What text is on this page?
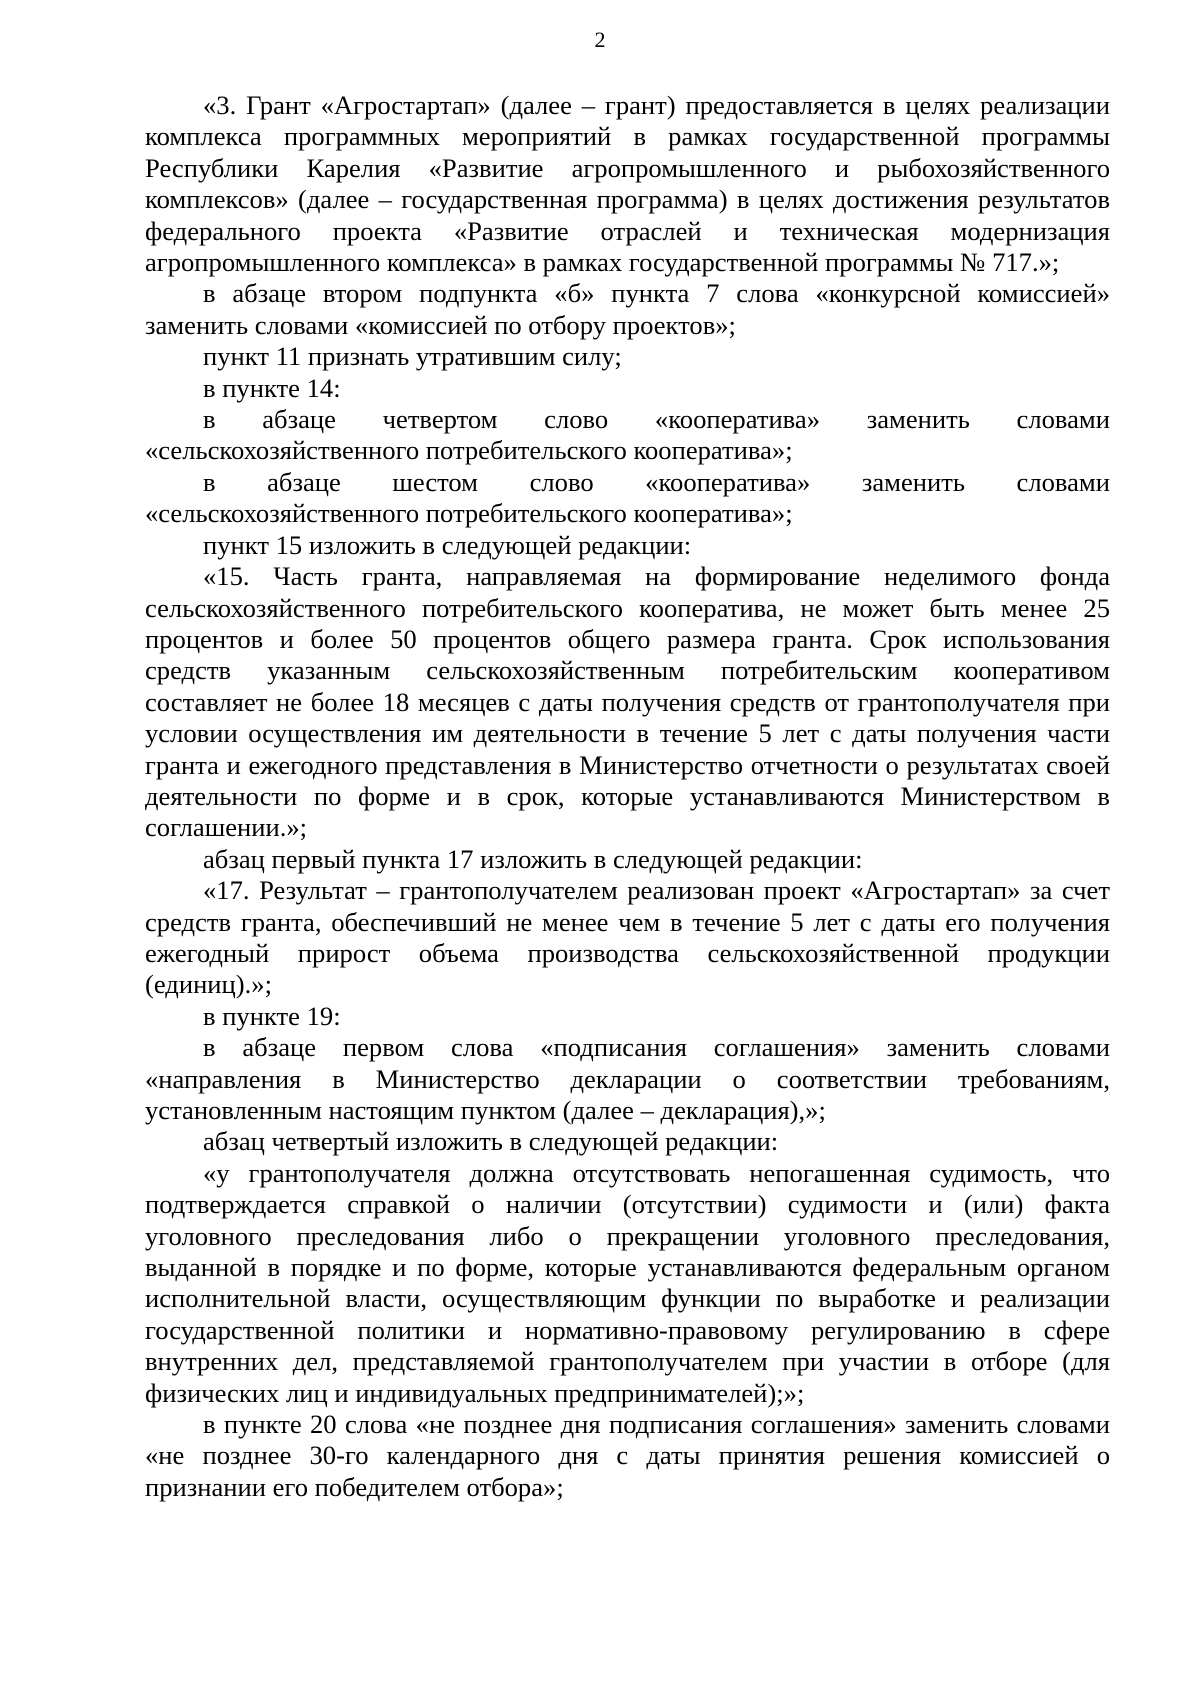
2

«3. Грант «Агростартап» (далее – грант) предоставляется в целях реализации комплекса программных мероприятий в рамках государственной программы Республики Карелия «Развитие агропромышленного и рыбохозяйственного комплексов» (далее – государственная программа) в целях достижения результатов федерального проекта «Развитие отраслей и техническая модернизация агропромышленного комплекса» в рамках государственной программы № 717.»;

в абзаце втором подпункта «б» пункта 7 слова «конкурсной комиссией» заменить словами «комиссией по отбору проектов»;

пункт 11 признать утратившим силу;

в пункте 14:

в абзаце четвертом слово «кооператива» заменить словами «сельскохозяйственного потребительского кооператива»;

в абзаце шестом слово «кооператива» заменить словами «сельскохозяйственного потребительского кооператива»;

пункт 15 изложить в следующей редакции:

«15. Часть гранта, направляемая на формирование неделимого фонда сельскохозяйственного потребительского кооператива, не может быть менее 25 процентов и более 50 процентов общего размера гранта. Срок использования средств указанным сельскохозяйственным потребительским кооперативом составляет не более 18 месяцев с даты получения средств от грантополучателя при условии осуществления им деятельности в течение 5 лет с даты получения части гранта и ежегодного представления в Министерство отчетности о результатах своей деятельности по форме и в срок, которые устанавливаются Министерством в соглашении.»;

абзац первый пункта 17 изложить в следующей редакции:

«17. Результат – грантополучателем реализован проект «Агростартап» за счет средств гранта, обеспечивший не менее чем в течение 5 лет с даты его получения ежегодный прирост объема производства сельскохозяйственной продукции (единиц).»;

в пункте 19:

в абзаце первом слова «подписания соглашения» заменить словами «направления в Министерство декларации о соответствии требованиям, установленным настоящим пунктом (далее – декларация),»;

абзац четвертый изложить в следующей редакции:

«у грантополучателя должна отсутствовать непогашенная судимость, что подтверждается справкой о наличии (отсутствии) судимости и (или) факта уголовного преследования либо о прекращении уголовного преследования, выданной в порядке и по форме, которые устанавливаются федеральным органом исполнительной власти, осуществляющим функции по выработке и реализации государственной политики и нормативно-правовому регулированию в сфере внутренних дел, представляемой грантополучателем при участии в отборе (для физических лиц и индивидуальных предпринимателей);»;

в пункте 20 слова «не позднее дня подписания соглашения» заменить словами «не позднее 30-го календарного дня с даты принятия решения комиссией о признании его победителем отбора»;
